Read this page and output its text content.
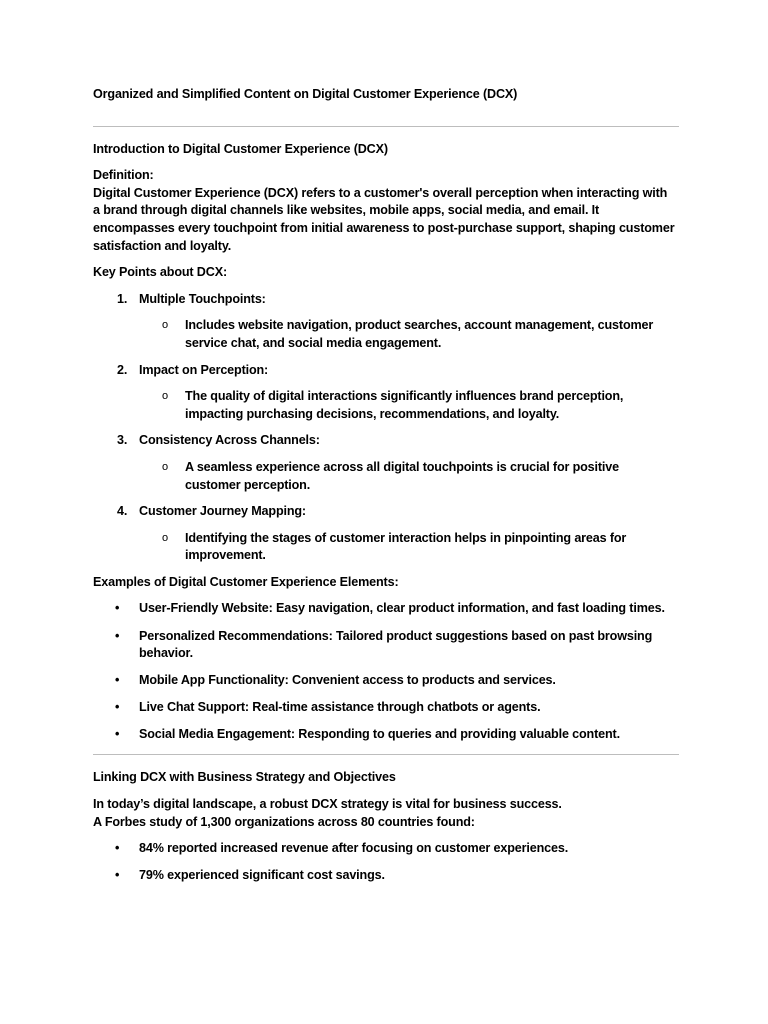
Organized and Simplified Content on Digital Customer Experience (DCX)

Introduction to Digital Customer Experience (DCX)

Definition:

Digital Customer Experience (DCX) refers to a customer's overall perception when interacting with a brand through digital channels like websites, mobile apps, social media, and email. It encompasses every touchpoint from initial awareness to post-purchase support, shaping customer satisfaction and loyalty.

Key Points about DCX:

1. Multiple Touchpoints:
o	Includes website navigation, product searches, account management, customer service chat, and social media engagement.
2. Impact on Perception:
o	The quality of digital interactions significantly influences brand perception, impacting purchasing decisions, recommendations, and loyalty.
3. Consistency Across Channels:
o	A seamless experience across all digital touchpoints is crucial for positive customer perception.
4. Customer Journey Mapping:
o	Identifying the stages of customer interaction helps in pinpointing areas for improvement.

Examples of Digital Customer Experience Elements:

•	User-Friendly Website: Easy navigation, clear product information, and fast loading times.
•	Personalized Recommendations: Tailored product suggestions based on past browsing behavior.
•	Mobile App Functionality: Convenient access to products and services.
•	Live Chat Support: Real-time assistance through chatbots or agents.
•	Social Media Engagement: Responding to queries and providing valuable content.

Linking DCX with Business Strategy and Objectives

In today’s digital landscape, a robust DCX strategy is vital for business success.

A Forbes study of 1,300 organizations across 80 countries found:

•	84% reported increased revenue after focusing on customer experiences.
•	79% experienced significant cost savings.
